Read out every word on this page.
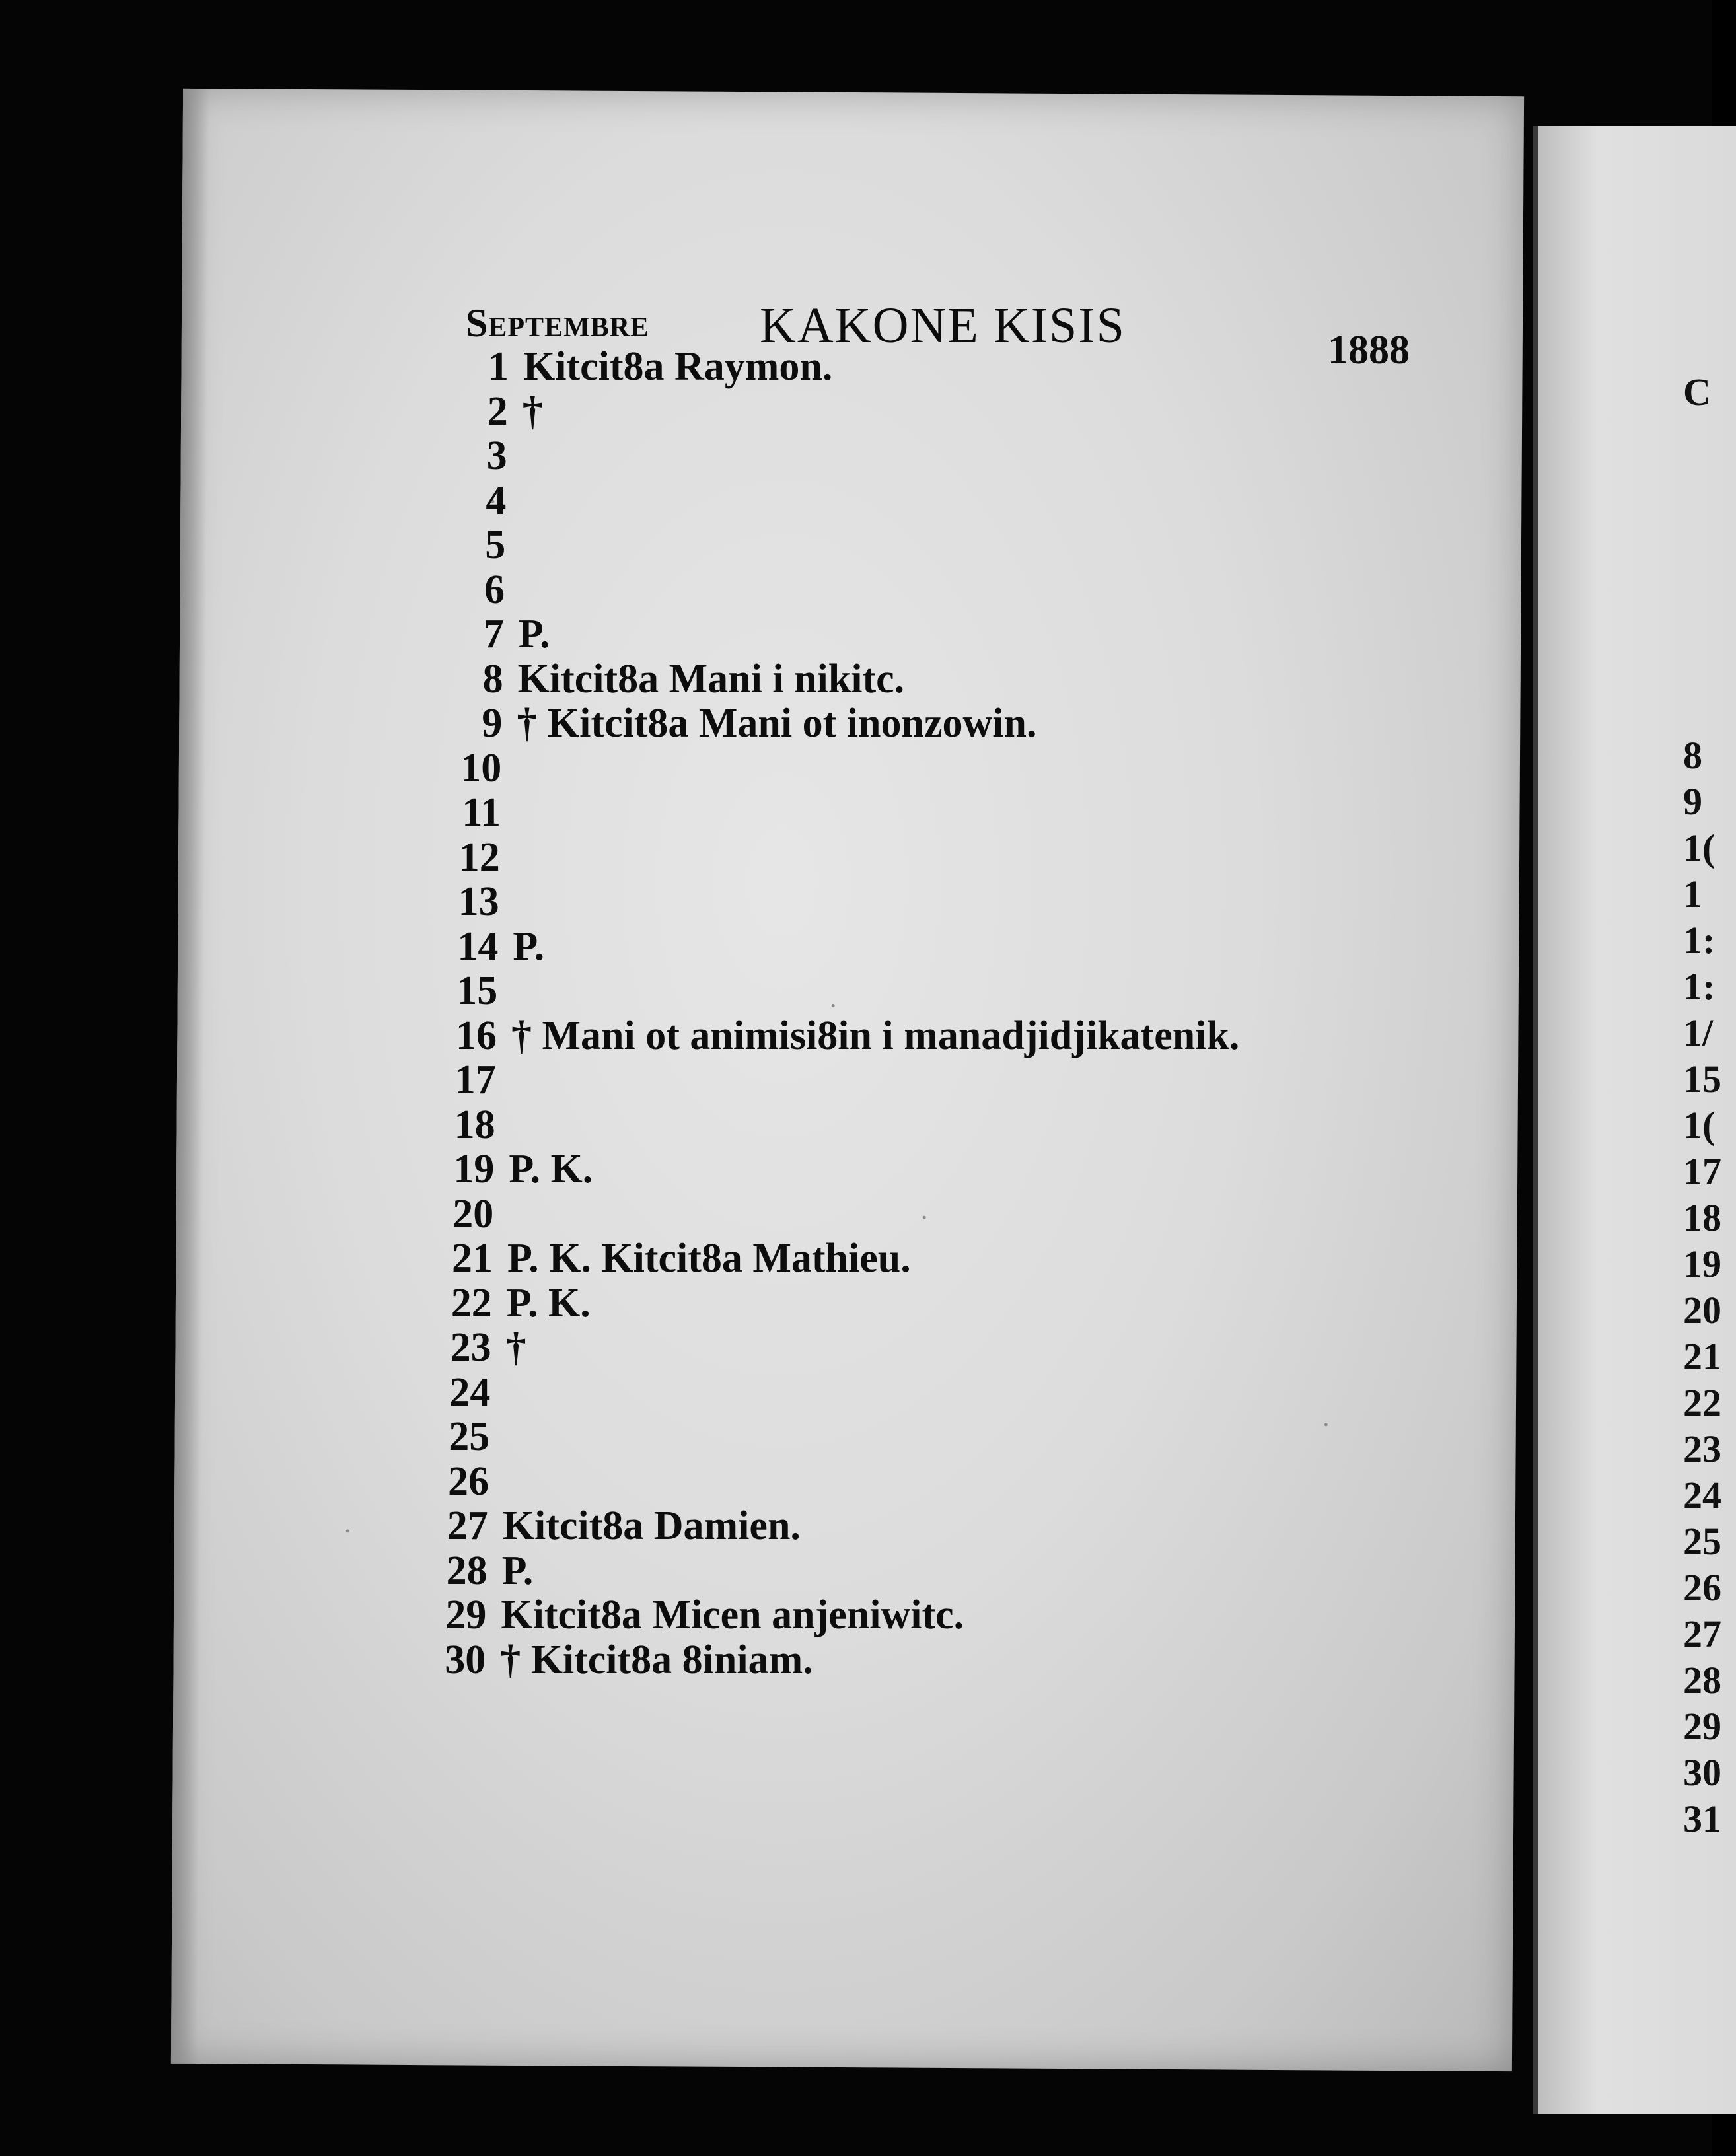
Septembre KAKONE KISIS	1888
1 Kitcit8a Raymon.
2 †
3
4
5
6
7 P.
8 Kitcit8a Mani i nikitc.
9 † Kitcit8a Mani ot inonzowin.
10
11
12
13
14 P.
15
16 † Mani ot animisi8in i manadjidjikatenik.
17
18
19 P. K.
20
21 P. K. Kitcit8a Mathieu.
22 P. K.
23 †
24
25
26
27 Kitcit8a Damien.
28 P.
29 Kitcit8a Micen anjeniwitc.
30 † Kitcit8a 8iniam.
C
8
9
1(
1
1:
1:
1/
15
1(
17
18
19
20
21
22
23
24
25
26
27
28
29
30
31
